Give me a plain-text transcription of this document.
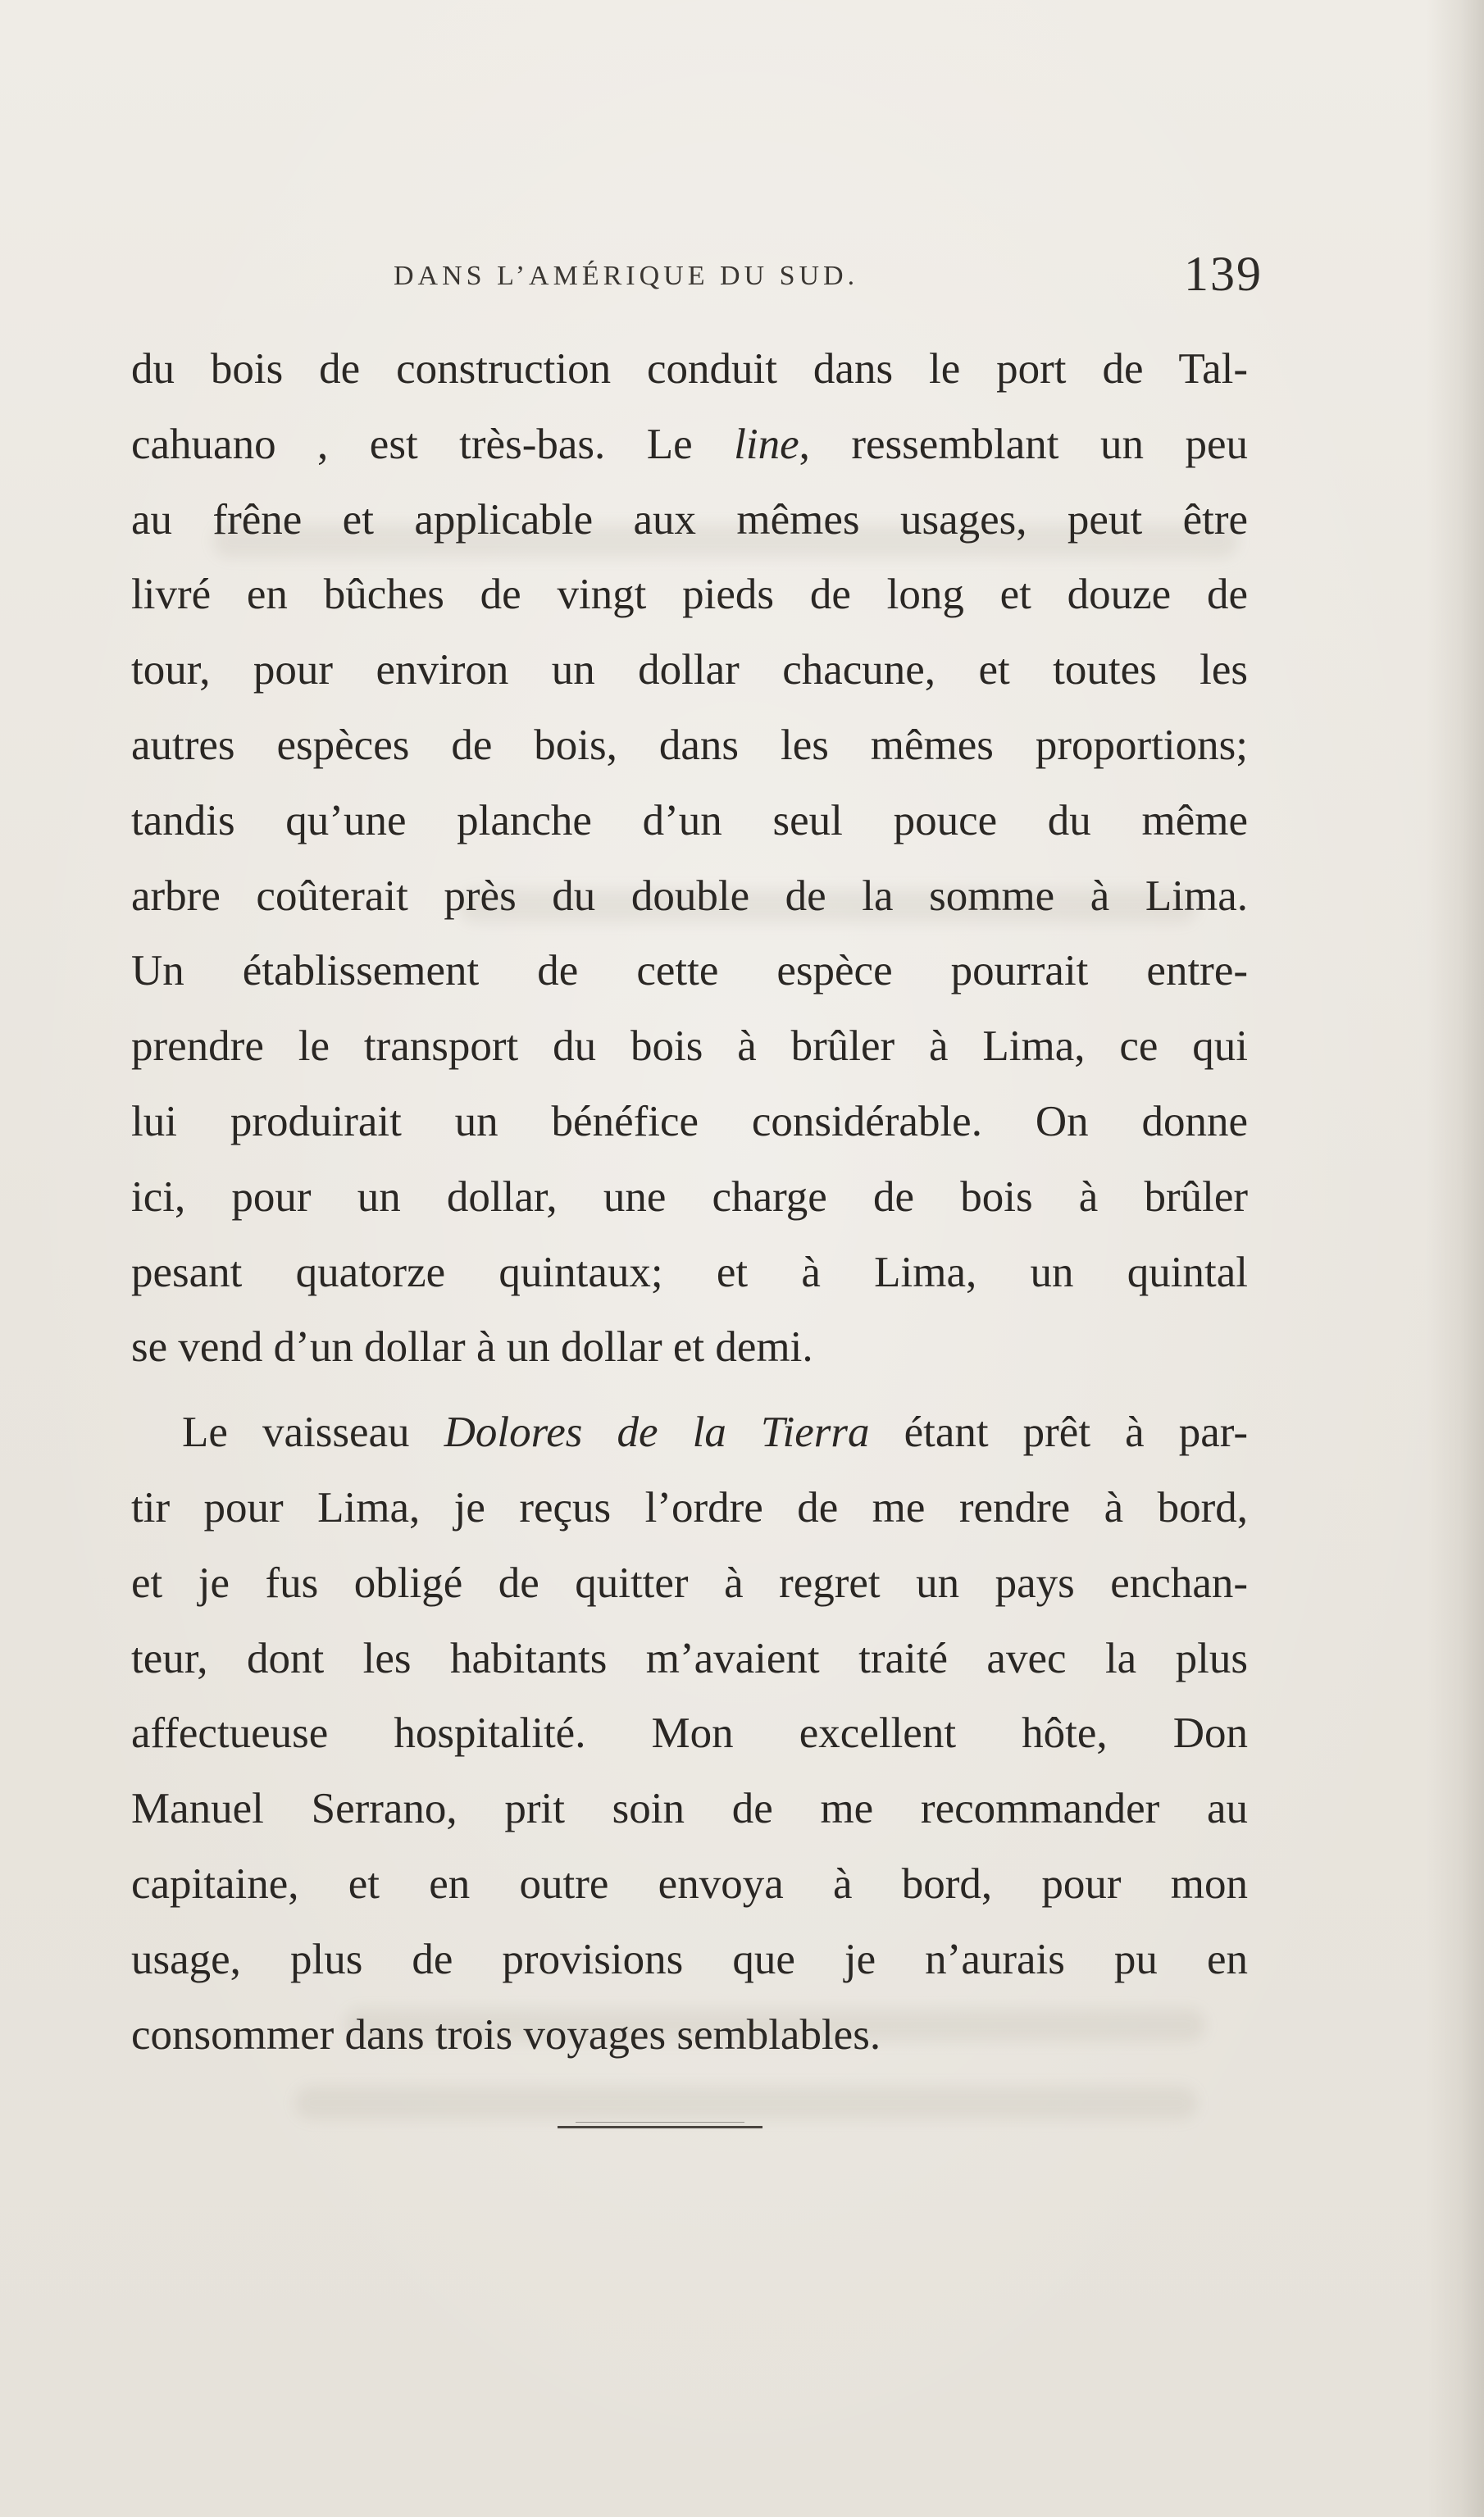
DANS L’AMÉRIQUE DU SUD.	139
du bois de construction conduit dans le port de Tal-
cahuano , est très-bas. Le line, ressemblant un peu
au frêne et applicable aux mêmes usages, peut être
livré en bûches de vingt pieds de long et douze de
tour, pour environ un dollar chacune, et toutes les
autres espèces de bois, dans les mêmes proportions;
tandis qu’une planche d’un seul pouce du même
arbre coûterait près du double de la somme à Lima.
Un établissement de cette espèce pourrait entre-
prendre le transport du bois à brûler à Lima, ce qui
lui produirait un bénéfice considérable. On donne
ici, pour un dollar, une charge de bois à brûler
pesant quatorze quintaux; et à Lima, un quintal
se vend d’un dollar à un dollar et demi.
Le vaisseau Dolores de la Tierra étant prêt à par-
tir pour Lima, je reçus l’ordre de me rendre à bord,
et je fus obligé de quitter à regret un pays enchan-
teur, dont les habitants m’avaient traité avec la plus
affectueuse hospitalité. Mon excellent hôte, Don
Manuel Serrano, prit soin de me recommander au
capitaine, et en outre envoya à bord, pour mon
usage, plus de provisions que je n’aurais pu en
consommer dans trois voyages semblables.
